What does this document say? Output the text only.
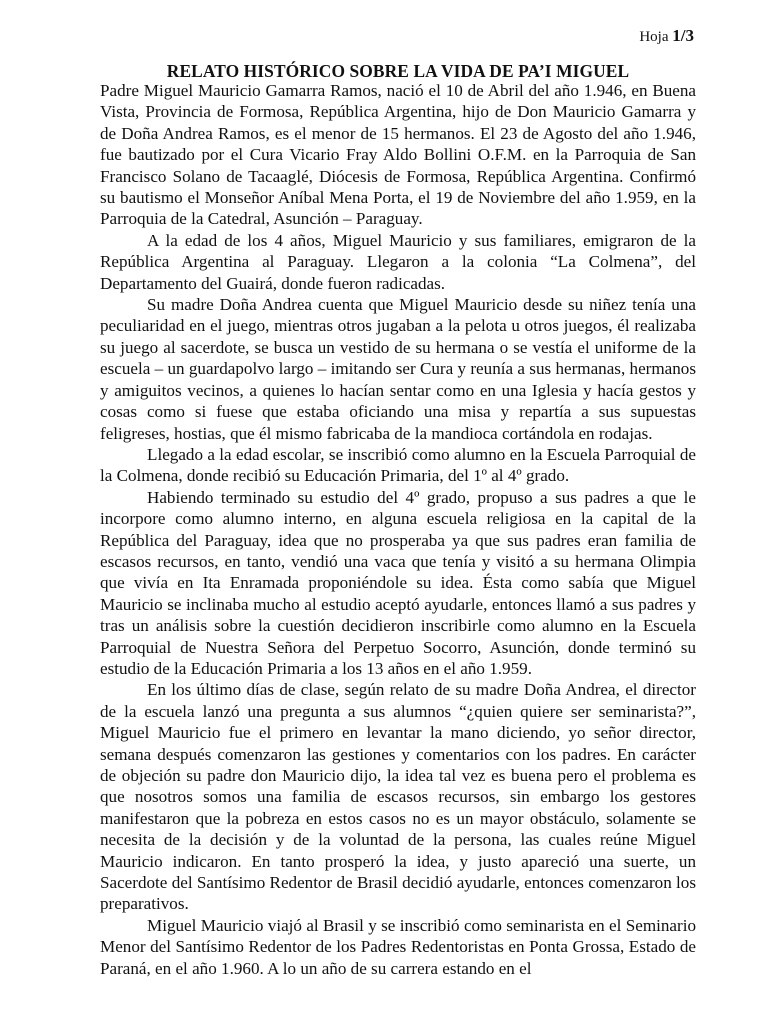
Hoja 1/3
RELATO HISTÓRICO SOBRE LA VIDA DE PA’I MIGUEL

Padre Miguel Mauricio Gamarra Ramos, nació el 10 de Abril del año 1.946, en Buena Vista, Provincia de Formosa, República Argentina, hijo de Don Mauricio Gamarra y de Doña Andrea Ramos, es el menor de 15 hermanos. El 23 de Agosto del año 1.946, fue bautizado por el Cura Vicario Fray Aldo Bollini O.F.M. en la Parroquia de San Francisco Solano de Tacaaglé, Diócesis de Formosa, República Argentina. Confirmó su bautismo el Monseñor Aníbal Mena Porta, el 19 de Noviembre del año 1.959, en la Parroquia de la Catedral, Asunción – Paraguay.

A la edad de los 4 años, Miguel Mauricio y sus familiares, emigraron de la República Argentina al Paraguay. Llegaron a la colonia “La Colmena”, del Departamento del Guairá, donde fueron radicadas.

Su madre Doña Andrea cuenta que Miguel Mauricio desde su niñez tenía una peculiaridad en el juego, mientras otros jugaban a la pelota u otros juegos, él realizaba su juego al sacerdote, se busca un vestido de su hermana o se vestía el uniforme de la escuela – un guardapolvo largo – imitando ser Cura y reunía a sus hermanas, hermanos y amiguitos vecinos, a quienes lo hacían sentar como en una Iglesia y hacía gestos y cosas como si fuese que estaba oficiando una misa y repartía a sus supuestas feligreses, hostias, que él mismo fabricaba de la mandioca cortándola en rodajas.

Llegado a la edad escolar, se inscribió como alumno en la Escuela Parroquial de la Colmena, donde recibió su Educación Primaria, del 1º al 4º grado.

Habiendo terminado su estudio del 4º grado, propuso a sus padres a que le incorpore como alumno interno, en alguna escuela religiosa en la capital de la República del Paraguay, idea que no prosperaba ya que sus padres eran familia de escasos recursos, en tanto, vendió una vaca que tenía y visitó a su hermana Olimpia que vivía en Ita Enramada proponiéndole su idea. Ésta como sabía que Miguel Mauricio se inclinaba mucho al estudio aceptó ayudarle, entonces llamó a sus padres y tras un análisis sobre la cuestión decidieron inscribirle como alumno en la Escuela Parroquial de Nuestra Señora del Perpetuo Socorro, Asunción, donde terminó su estudio de la Educación Primaria a los 13 años en el año 1.959.

En los último días de clase, según relato de su madre Doña Andrea, el director de la escuela lanzó una pregunta a sus alumnos “¿quien quiere ser seminarista?”, Miguel Mauricio fue el primero en levantar la mano diciendo, yo señor director, semana después comenzaron las gestiones y comentarios con los padres. En carácter de objeción su padre don Mauricio dijo, la idea tal vez es buena pero el problema es que nosotros somos una familia de escasos recursos, sin embargo los gestores manifestaron que la pobreza en estos casos no es un mayor obstáculo, solamente se necesita de la decisión y de la voluntad de la persona, las cuales reúne Miguel Mauricio indicaron. En tanto prosperó la idea, y justo apareció una suerte, un Sacerdote del Santísimo Redentor de Brasil decidió ayudarle, entonces comenzaron los preparativos.

Miguel Mauricio viajó al Brasil y se inscribió como seminarista en el Seminario Menor del Santísimo Redentor de los Padres Redentoristas en Ponta Grossa, Estado de Paraná, en el año 1.960. A lo un año de su carrera estando en el
